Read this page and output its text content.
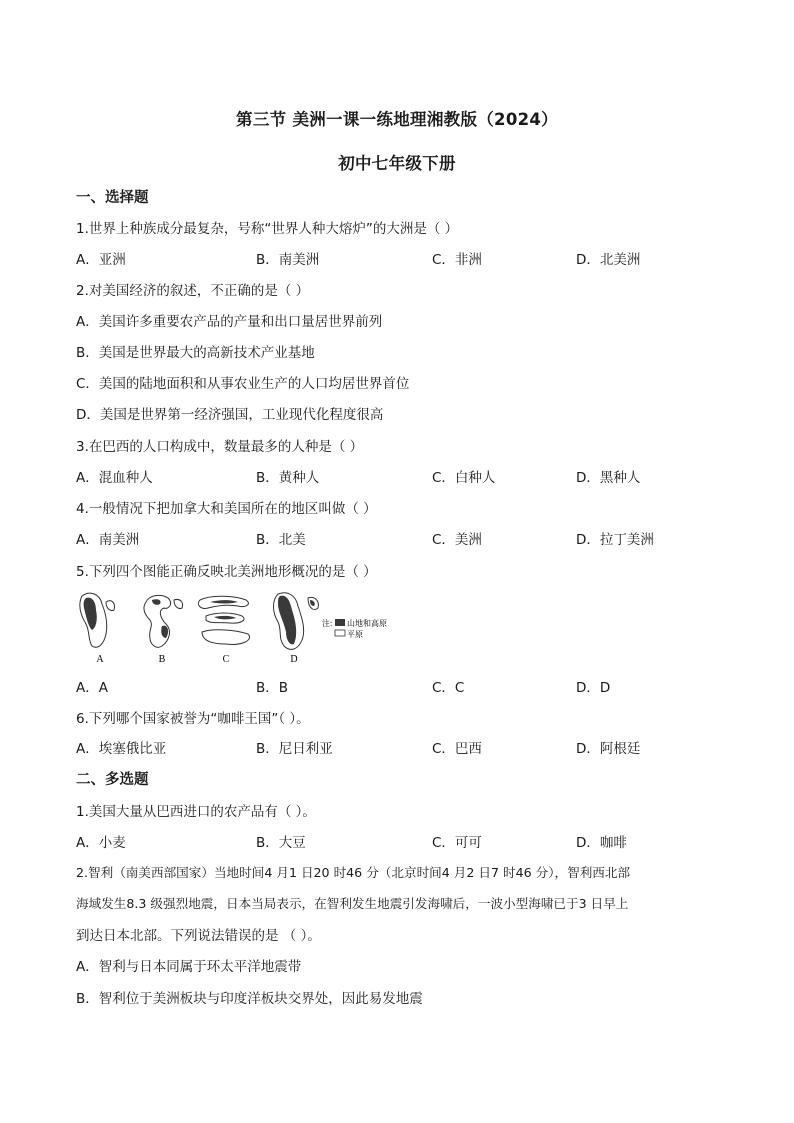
第三节 美洲一课一练地理湘教版（2024）
初中七年级下册
一、选择题
1.世界上种族成分最复杂，号称“世界人种大熔炉”的大洲是（ ）
A．亚洲	B．南美洲	C．非洲	D．北美洲
2.对美国经济的叙述，不正确的是（ ）
A．美国许多重要农产品的产量和出口量居世界前列
B．美国是世界最大的高新技术产业基地
C．美国的陆地面积和从事农业生产的人口均居世界首位
D．美国是世界第一经济强国，工业现代化程度很高
3.在巴西的人口构成中，数量最多的人种是（ ）
A．混血种人	B．黄种人	C．白种人	D．黑种人
4.一般情况下把加拿大和美国所在的地区叫做（ ）
A．南美洲	B．北美	C．美洲	D．拉丁美洲
5.下列四个图能正确反映北美洲地形概况的是（ ）
A	B	C	D
注: 山地和高原
平原
A．A	B．B	C．C	D．D
6.下列哪个国家被誉为“咖啡王国”（ ）。
A．埃塞俄比亚	B．尼日利亚	C．巴西	D．阿根廷
二、多选题
1.美国大量从巴西进口的农产品有（ ）。
A．小麦	B．大豆	C．可可	D．咖啡
2.智利（南美西部国家）当地时间4 月1 日20 时46 分（北京时间4 月2 日7 时46 分），智利西北部
海域发生8.3 级强烈地震，日本当局表示，在智利发生地震引发海啸后，一波小型海啸已于3 日早上
到达日本北部。下列说法错误的是 （ ）。
A．智利与日本同属于环太平洋地震带
B．智利位于美洲板块与印度洋板块交界处，因此易发地震
